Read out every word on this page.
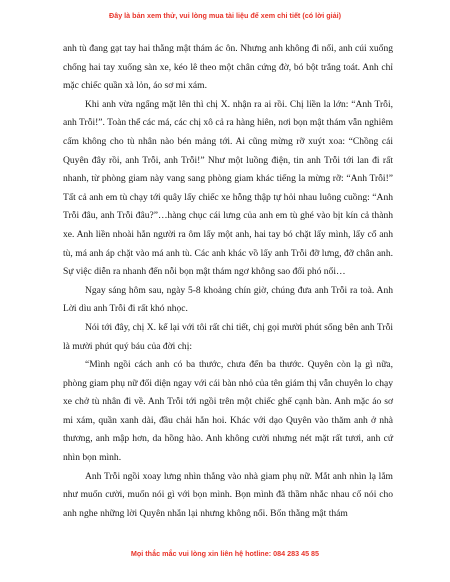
Đây là bản xem thử, vui lòng mua tài liệu để xem chi tiết (có lời giải)

anh tù đang gạt tay hai thằng mật thám ác ôn. Nhưng anh không đi nổi, anh cúi xuống chống hai tay xuống sàn xe, kéo lê theo một chân cứng đờ, bó bột trắng toát. Anh chỉ mặc chiếc quần xà lỏn, áo sơ mi xám.

Khi anh vừa ngẩng mặt lên thì chị X. nhận ra ai rồi. Chị liền la lớn: “Anh Trỗi, anh Trỗi!”. Toàn thể các má, các chị xô cả ra hàng hiên, nơi bọn mật thám vẫn nghiêm cấm không cho tù nhân nào bén mảng tới. Ai cũng mừng rỡ xuýt xoa: “Chồng cái Quyên đây rồi, anh Trỗi, anh Trỗi!” Như một luồng điện, tin anh Trỗi tới lan đi rất nhanh, từ phòng giam này vang sang phòng giam khác tiếng la mừng rỡ: “Anh Trỗi!” Tất cả anh em tù chạy tới quây lấy chiếc xe hỗng thập tự hỏi nhau luông cuồng: “Anh Trỗi đâu, anh Trỗi đâu?”…hàng chục cái lưng của anh em tù ghé vào bịt kín cả thành xe. Anh liền nhoài hẳn người ra ôm lấy một anh, hai tay bó chặt lấy mình, lấy cổ anh tù, má anh áp chặt vào má anh tù. Các anh khác vồ lấy anh Trỗi đỡ lưng, đỡ chân anh. Sự việc diễn ra nhanh đến nỗi bọn mật thám ngơ không sao đối phó nổi…

Ngay sáng hôm sau, ngày 5-8 khoảng chín giờ, chúng đưa anh Trỗi ra toà. Anh Lời dìu anh Trỗi đi rất khó nhọc.

Nói tới đây, chị X. kể lại với tôi rất chi tiết, chị gọi mười phút sống bên anh Trỗi là mười phút quý báu của đời chị:

“Mình ngồi cách anh có ba thước, chưa đến ba thước. Quyên còn lạ gì nữa, phòng giam phụ nữ đối diện ngay với cái bàn nhỏ của tên giám thị vẫn chuyên lo chạy xe chở tù nhân đi về. Anh Trỗi tới ngồi trên một chiếc ghế cạnh bàn. Anh mặc áo sơ mi xám, quần xanh dài, đầu chải hẳn hoi. Khác với dạo Quyên vào thăm anh ở nhà thương, anh mập hơn, da hồng hào. Anh không cười nhưng nét mặt rất tươi, anh cứ nhìn bọn mình.

Anh Trỗi ngồi xoay lưng nhìn thẳng vào nhà giam phụ nữ. Mắt anh nhìn lạ lắm như muốn cười, muốn nói gì với bọn mình. Bọn mình đã thầm nhắc nhau cố nói cho anh nghe những lời Quyên nhắn lại nhưng không nổi. Bốn thằng mật thám

Mọi thắc mắc vui lòng xin liên hệ hotline: 084 283 45 85
